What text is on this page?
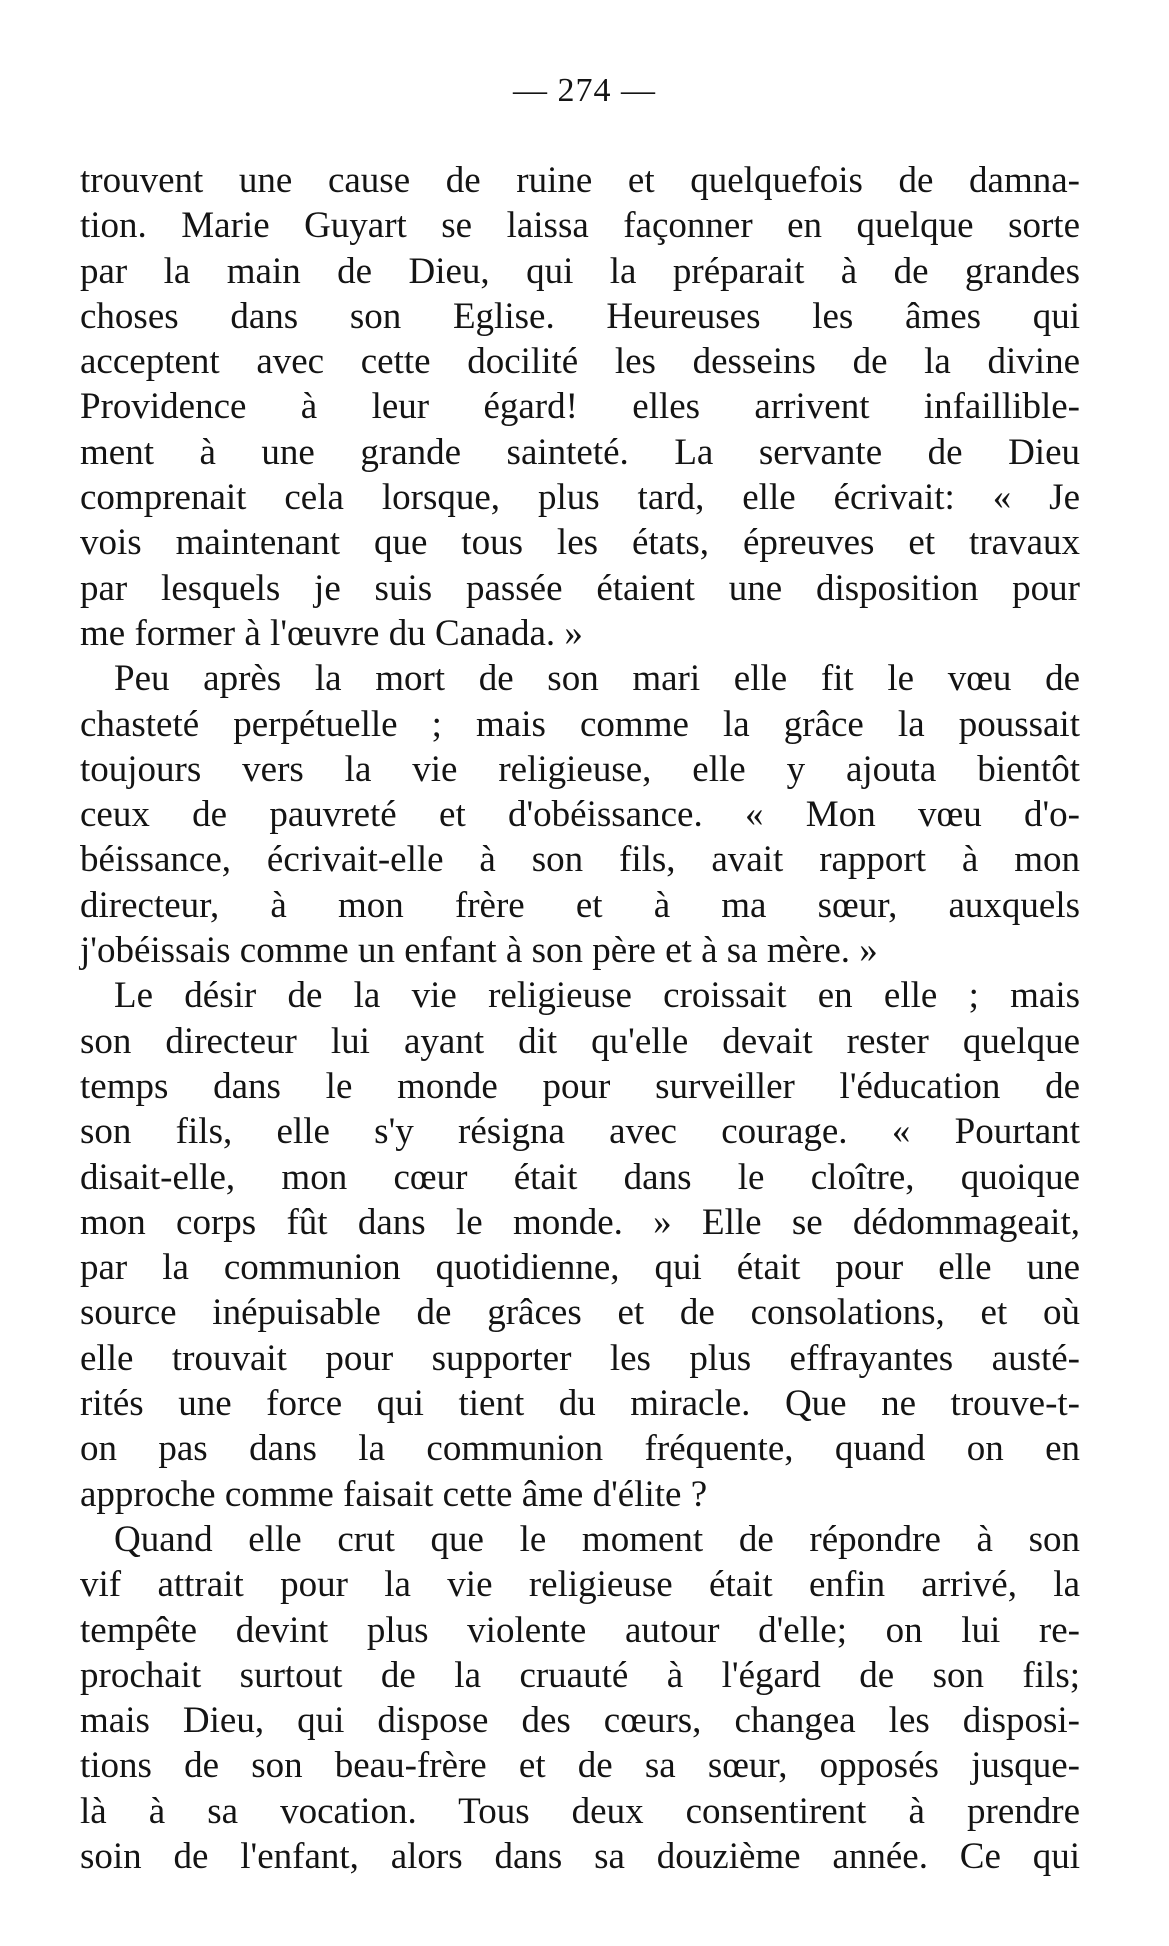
— 274 —
trouvent une cause de ruine et quelquefois de damna-
tion. Marie Guyart se laissa façonner en quelque sorte
par la main de Dieu, qui la préparait à de grandes
choses dans son Eglise. Heureuses les âmes qui
acceptent avec cette docilité les desseins de la divine
Providence à leur égard! elles arrivent infaillible-
ment à une grande sainteté. La servante de Dieu
comprenait cela lorsque, plus tard, elle écrivait: « Je
vois maintenant que tous les états, épreuves et travaux
par lesquels je suis passée étaient une disposition pour
me former à l'œuvre du Canada. »
Peu après la mort de son mari elle fit le vœu de
chasteté perpétuelle ; mais comme la grâce la poussait
toujours vers la vie religieuse, elle y ajouta bientôt
ceux de pauvreté et d'obéissance. « Mon vœu d'o-
béissance, écrivait-elle à son fils, avait rapport à mon
directeur, à mon frère et à ma sœur, auxquels
j'obéissais comme un enfant à son père et à sa mère. »
Le désir de la vie religieuse croissait en elle ; mais
son directeur lui ayant dit qu'elle devait rester quelque
temps dans le monde pour surveiller l'éducation de
son fils, elle s'y résigna avec courage. « Pourtant
disait-elle, mon cœur était dans le cloître, quoique
mon corps fût dans le monde. » Elle se dédommageait,
par la communion quotidienne, qui était pour elle une
source inépuisable de grâces et de consolations, et où
elle trouvait pour supporter les plus effrayantes austé-
rités une force qui tient du miracle. Que ne trouve-t-
on pas dans la communion fréquente, quand on en
approche comme faisait cette âme d'élite ?
Quand elle crut que le moment de répondre à son
vif attrait pour la vie religieuse était enfin arrivé, la
tempête devint plus violente autour d'elle; on lui re-
prochait surtout de la cruauté à l'égard de son fils;
mais Dieu, qui dispose des cœurs, changea les disposi-
tions de son beau-frère et de sa sœur, opposés jusque-
là à sa vocation. Tous deux consentirent à prendre
soin de l'enfant, alors dans sa douzième année. Ce qui
